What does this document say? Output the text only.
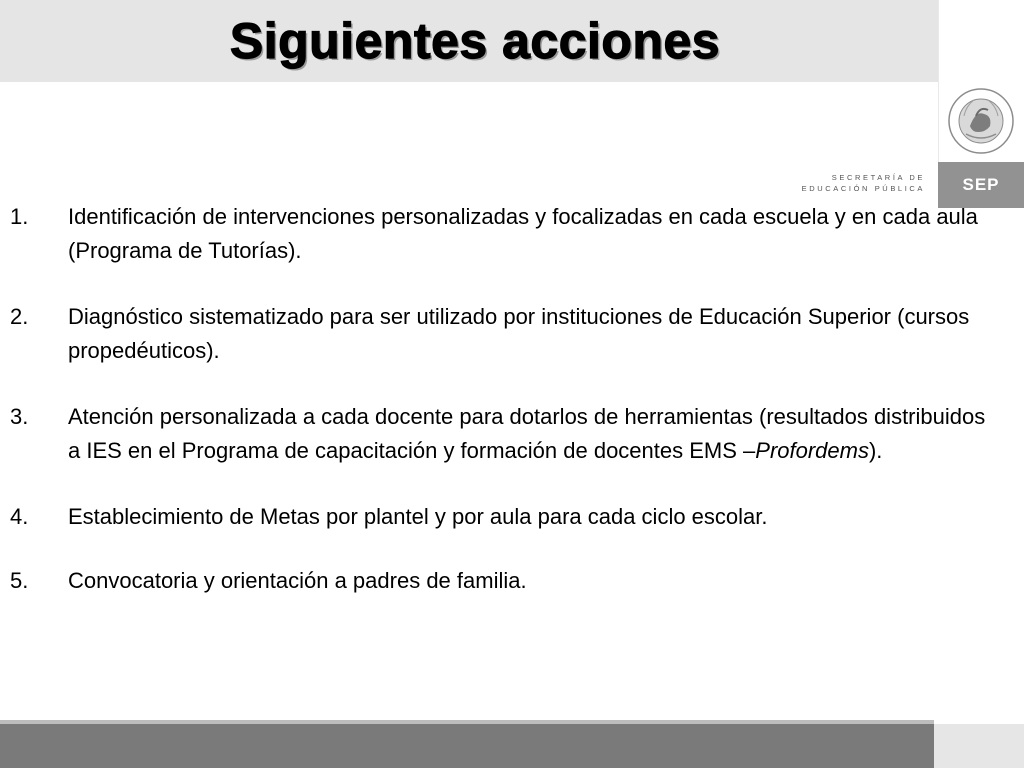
Siguientes acciones
SECRETARÍA DE
EDUCACIÓN PÚBLICA SEP
1. Identificación de intervenciones personalizadas y focalizadas en cada escuela y en cada aula (Programa de Tutorías).
2. Diagnóstico sistematizado para ser utilizado por instituciones de Educación Superior (cursos propedéuticos).
3. Atención personalizada a cada docente para dotarlos de herramientas (resultados distribuidos a IES en el Programa de capacitación y formación de docentes EMS –Profordems).
4. Establecimiento de Metas por plantel y por aula para cada ciclo escolar.
5. Convocatoria y orientación a padres de familia.
